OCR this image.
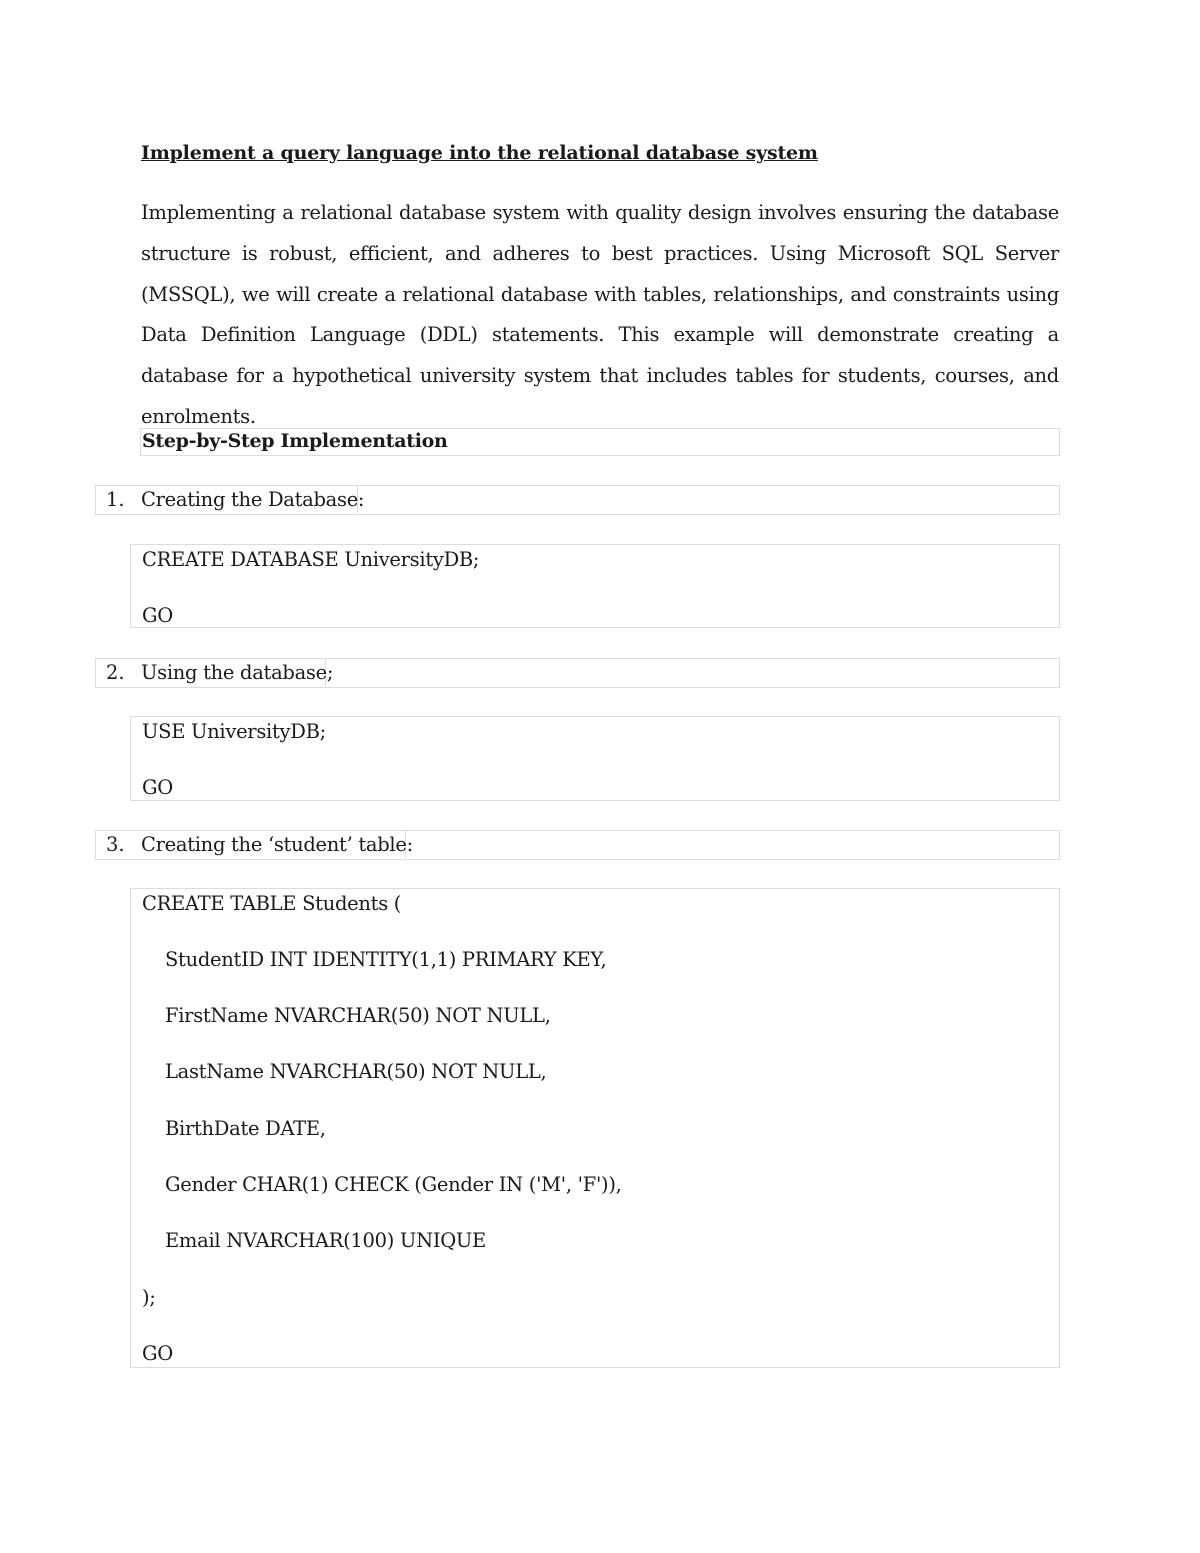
Implement a query language into the relational database system
Implementing a relational database system with quality design involves ensuring the database structure is robust, efficient, and adheres to best practices. Using Microsoft SQL Server (MSSQL), we will create a relational database with tables, relationships, and constraints using Data Definition Language (DDL) statements. This example will demonstrate creating a database for a hypothetical university system that includes tables for students, courses, and enrolments.
Step-by-Step Implementation
1. Creating the Database:
CREATE DATABASE UniversityDB;
GO
2. Using the database;
USE UniversityDB;
GO
3. Creating the ‘student’ table:
CREATE TABLE Students (
StudentID INT IDENTITY(1,1) PRIMARY KEY,
FirstName NVARCHAR(50) NOT NULL,
LastName NVARCHAR(50) NOT NULL,
BirthDate DATE,
Gender CHAR(1) CHECK (Gender IN ('M', 'F')),
Email NVARCHAR(100) UNIQUE
);
GO
